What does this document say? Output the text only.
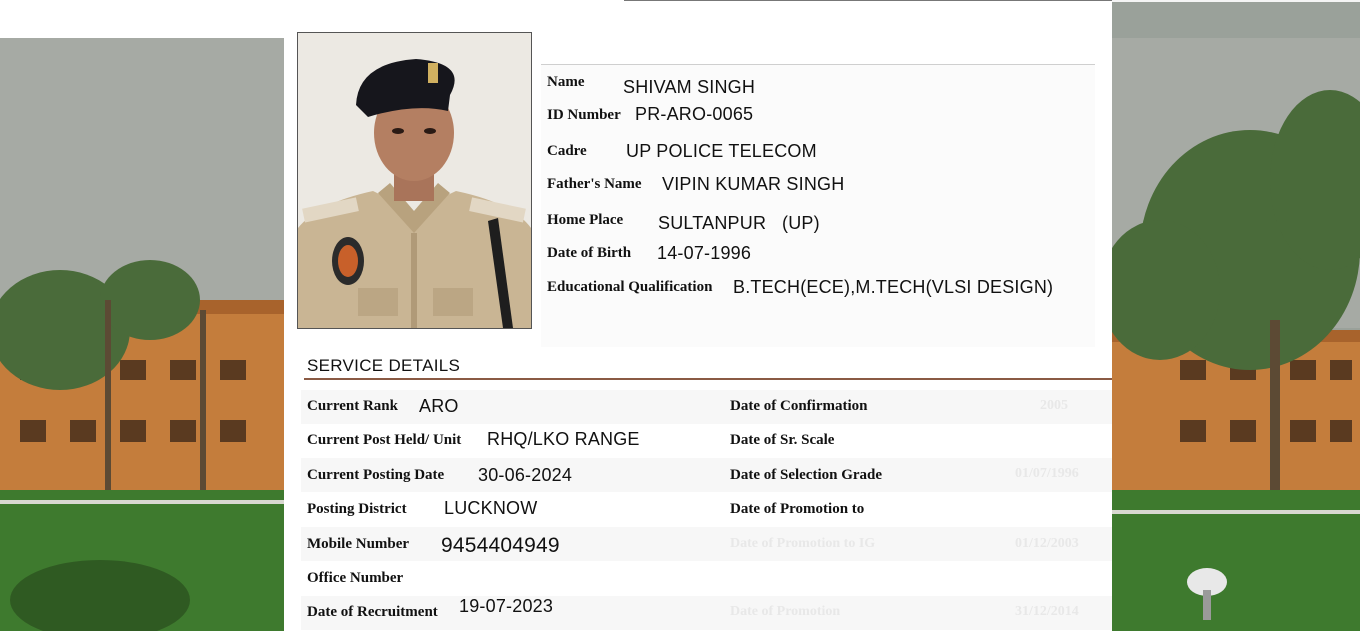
Name SHIVAM SINGH
ID Number PR-ARO-0065
Cadre UP POLICE TELECOM
Father's Name VIPIN KUMAR SINGH
Home Place SULTANPUR (UP)
Date of Birth 14-07-1996
Educational Qualification B.TECH(ECE),M.TECH(VLSI DESIGN)
SERVICE DETAILS
2005
01/07/1996
Date of Promotion to IG	01/12/2003
Date of Promotion	31/12/2014
Current Rank ARO
Current Post Held/ Unit RHQ/LKO RANGE
Current Posting Date 30-06-2024
Posting District LUCKNOW
Mobile Number 9454404949
Office Number
Date of Recruitment 19-07-2023
Date of Confirmation
Date of Sr. Scale
Date of Selection Grade
Date of Promotion to
